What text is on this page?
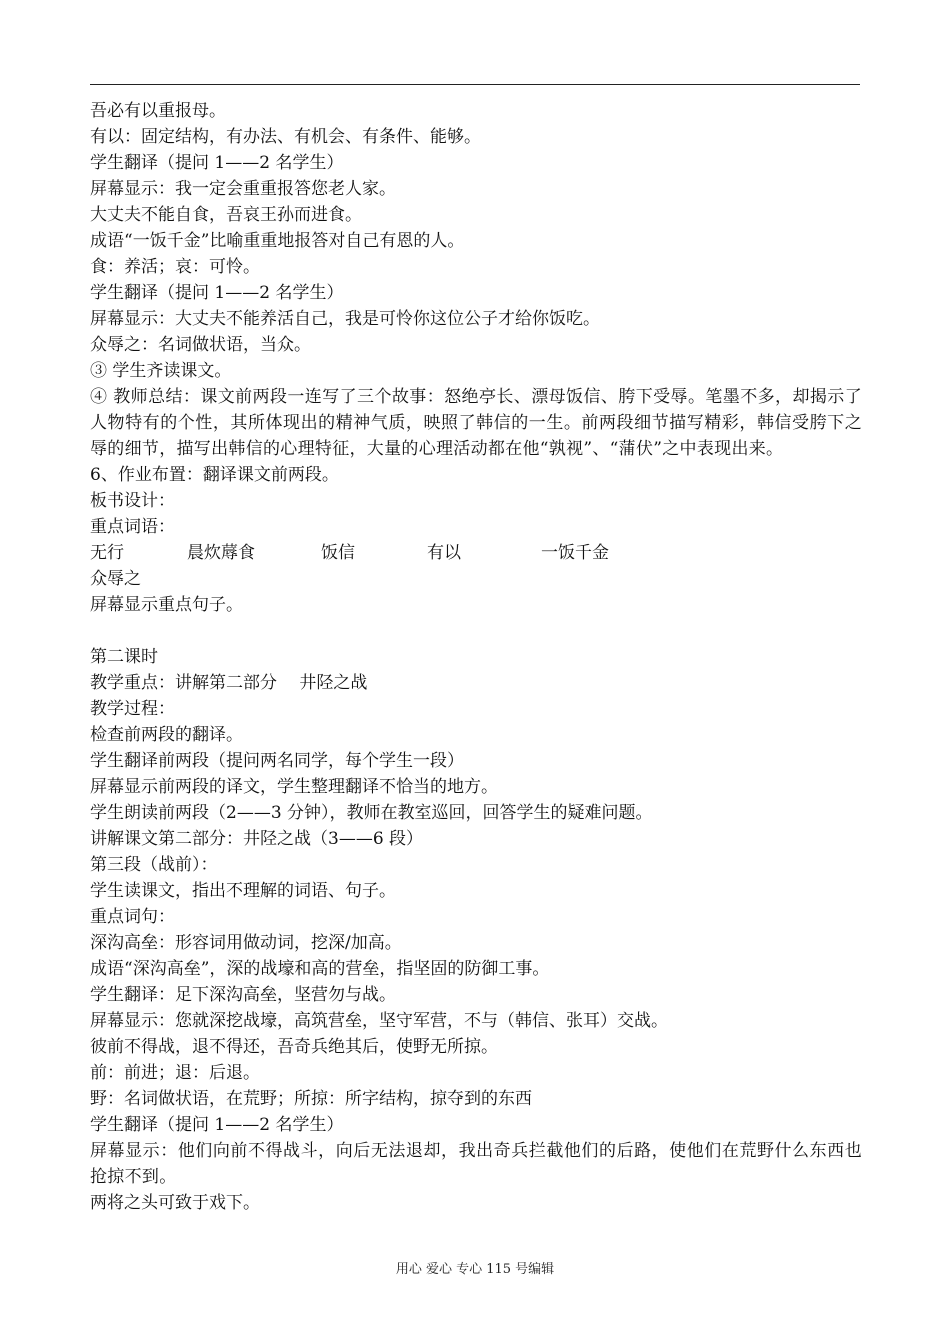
吾必有以重报母。
有以：固定结构，有办法、有机会、有条件、能够。
学生翻译（提问 1——2 名学生）
屏幕显示：我一定会重重报答您老人家。
大丈夫不能自食，吾哀王孙而进食。
成语“一饭千金”比喻重重地报答对自己有恩的人。
食：养活；哀：可怜。
学生翻译（提问 1——2 名学生）
屏幕显示：大丈夫不能养活自己，我是可怜你这位公子才给你饭吃。
众辱之：名词做状语，当众。
③ 学生齐读课文。
④ 教师总结：课文前两段一连写了三个故事：怒绝亭长、漂母饭信、胯下受辱。笔墨不多，却揭示了人物特有的个性，其所体现出的精神气质，映照了韩信的一生。前两段细节描写精彩，韩信受胯下之辱的细节，描写出韩信的心理特征，大量的心理活动都在他“孰视”、“蒲伏”之中表现出来。
6、作业布置：翻译课文前两段。
板书设计：
重点词语：
无行	晨炊蓐食	饭信	有以	一饭千金
众辱之
屏幕显示重点句子。
第二课时
教学重点：讲解第二部分　 井陉之战
教学过程：
检查前两段的翻译。
学生翻译前两段（提问两名同学，每个学生一段）
屏幕显示前两段的译文，学生整理翻译不恰当的地方。
学生朗读前两段（2——3 分钟），教师在教室巡回，回答学生的疑难问题。
讲解课文第二部分：井陉之战（3——6 段）
第三段（战前）：
学生读课文，指出不理解的词语、句子。
重点词句：
深沟高垒：形容词用做动词，挖深/加高。
成语“深沟高垒”，深的战壕和高的营垒，指坚固的防御工事。
学生翻译：足下深沟高垒，坚营勿与战。
屏幕显示：您就深挖战壕，高筑营垒，坚守军营，不与（韩信、张耳）交战。
彼前不得战，退不得还，吾奇兵绝其后，使野无所掠。
前：前进；退：后退。
野：名词做状语，在荒野；所掠：所字结构，掠夺到的东西
学生翻译（提问 1——2 名学生）
屏幕显示：他们向前不得战斗，向后无法退却，我出奇兵拦截他们的后路，使他们在荒野什么东西也抢掠不到。
两将之头可致于戏下。
用心 爱心 专心 115 号编辑
